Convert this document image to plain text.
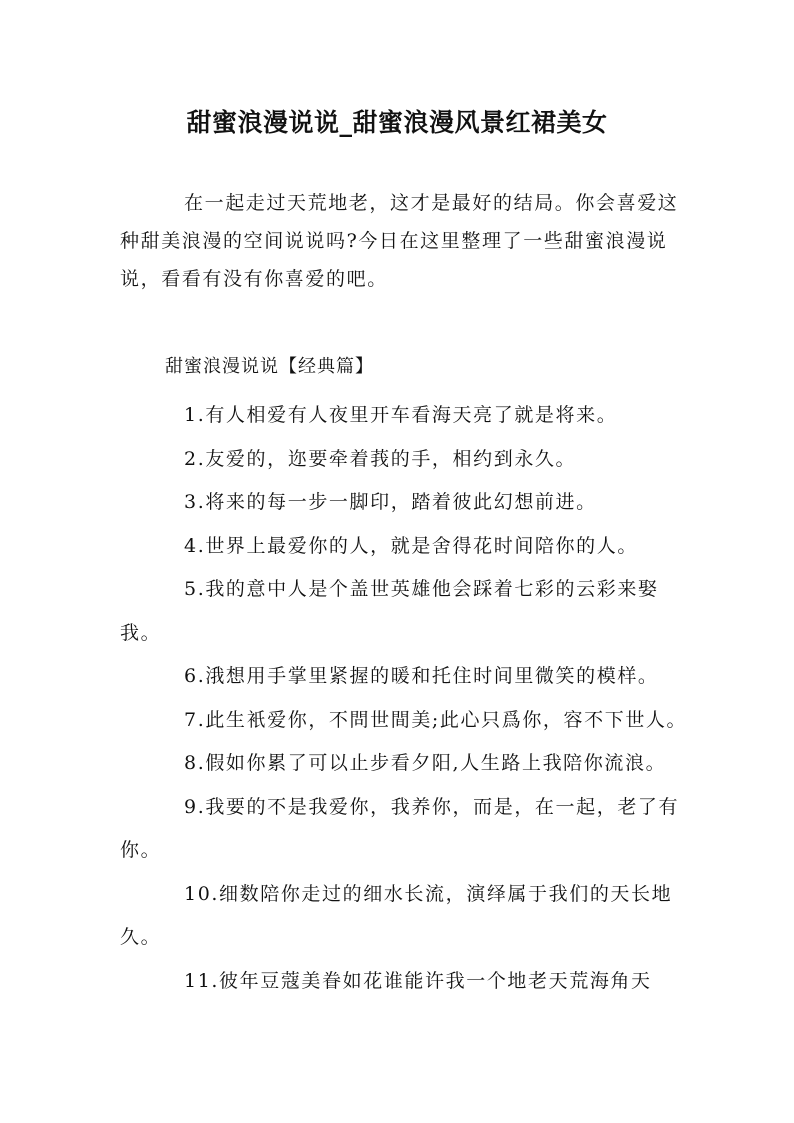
甜蜜浪漫说说_甜蜜浪漫风景红裙美女

在一起走过天荒地老，这才是最好的结局。你会喜爱这种甜美浪漫的空间说说吗?今日在这里整理了一些甜蜜浪漫说说，看看有没有你喜爱的吧。

甜蜜浪漫说说【经典篇】

1.有人相爱有人夜里开车看海天亮了就是将来。
2.友爱的，迩要牵着莪的手，相约到永久。
3.将来的每一步一脚印，踏着彼此幻想前进。
4.世界上最爱你的人，就是舍得花时间陪你的人。
5.我的意中人是个盖世英雄他会踩着七彩的云彩来娶我。
6.涐想用手掌里紧握的暖和托住时间里微笑的模样。
7.此生衹爱你，不問世間美;此心只爲你，容不下世人。
8.假如你累了可以止步看夕阳,人生路上我陪你流浪。
9.我要的不是我爱你，我养你，而是，在一起，老了有你。
10.细数陪你走过的细水长流，演绎属于我们的天长地久。
11.彼年豆蔻美眷如花谁能许我一个地老天荒海角天
